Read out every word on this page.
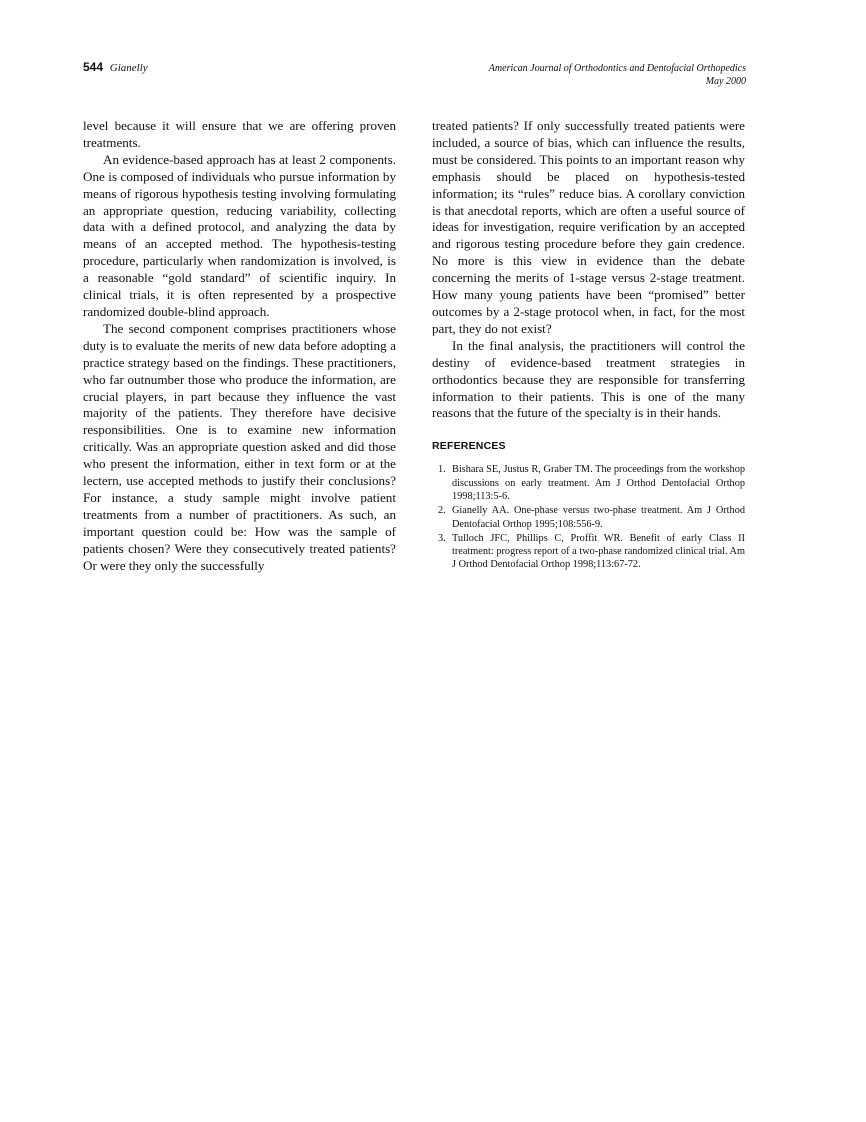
544 Gianelly	American Journal of Orthodontics and Dentofacial Orthopedics
May 2000

level because it will ensure that we are offering proven treatments.

An evidence-based approach has at least 2 components. One is composed of individuals who pursue information by means of rigorous hypothesis testing involving formulating an appropriate question, reducing variability, collecting data with a defined protocol, and analyzing the data by means of an accepted method. The hypothesis-testing procedure, particularly when randomization is involved, is a reasonable “gold standard” of scientific inquiry. In clinical trials, it is often represented by a prospective randomized double-blind approach.

The second component comprises practitioners whose duty is to evaluate the merits of new data before adopting a practice strategy based on the findings. These practitioners, who far outnumber those who produce the information, are crucial players, in part because they influence the vast majority of the patients. They therefore have decisive responsibilities. One is to examine new information critically. Was an appropriate question asked and did those who present the information, either in text form or at the lectern, use accepted methods to justify their conclusions? For instance, a study sample might involve patient treatments from a number of practitioners. As such, an important question could be: How was the sample of patients chosen? Were they consecutively treated patients? Or were they only the successfully

treated patients? If only successfully treated patients were included, a source of bias, which can influence the results, must be considered. This points to an important reason why emphasis should be placed on hypothesis-tested information; its “rules” reduce bias. A corollary conviction is that anecdotal reports, which are often a useful source of ideas for investigation, require verification by an accepted and rigorous testing procedure before they gain credence. No more is this view in evidence than the debate concerning the merits of 1-stage versus 2-stage treatment. How many young patients have been “promised” better outcomes by a 2-stage protocol when, in fact, for the most part, they do not exist?

In the final analysis, the practitioners will control the destiny of evidence-based treatment strategies in orthodontics because they are responsible for transferring information to their patients. This is one of the many reasons that the future of the specialty is in their hands.

REFERENCES
1. Bishara SE, Justus R, Graber TM. The proceedings from the workshop discussions on early treatment. Am J Orthod Dentofacial Orthop 1998;113:5-6.
2. Gianelly AA. One-phase versus two-phase treatment. Am J Orthod Dentofacial Orthop 1995;108:556-9.
3. Tulloch JFC, Phillips C, Proffit WR. Benefit of early Class II treatment: progress report of a two-phase randomized clinical trial. Am J Orthod Dentofacial Orthop 1998;113:67-72.
